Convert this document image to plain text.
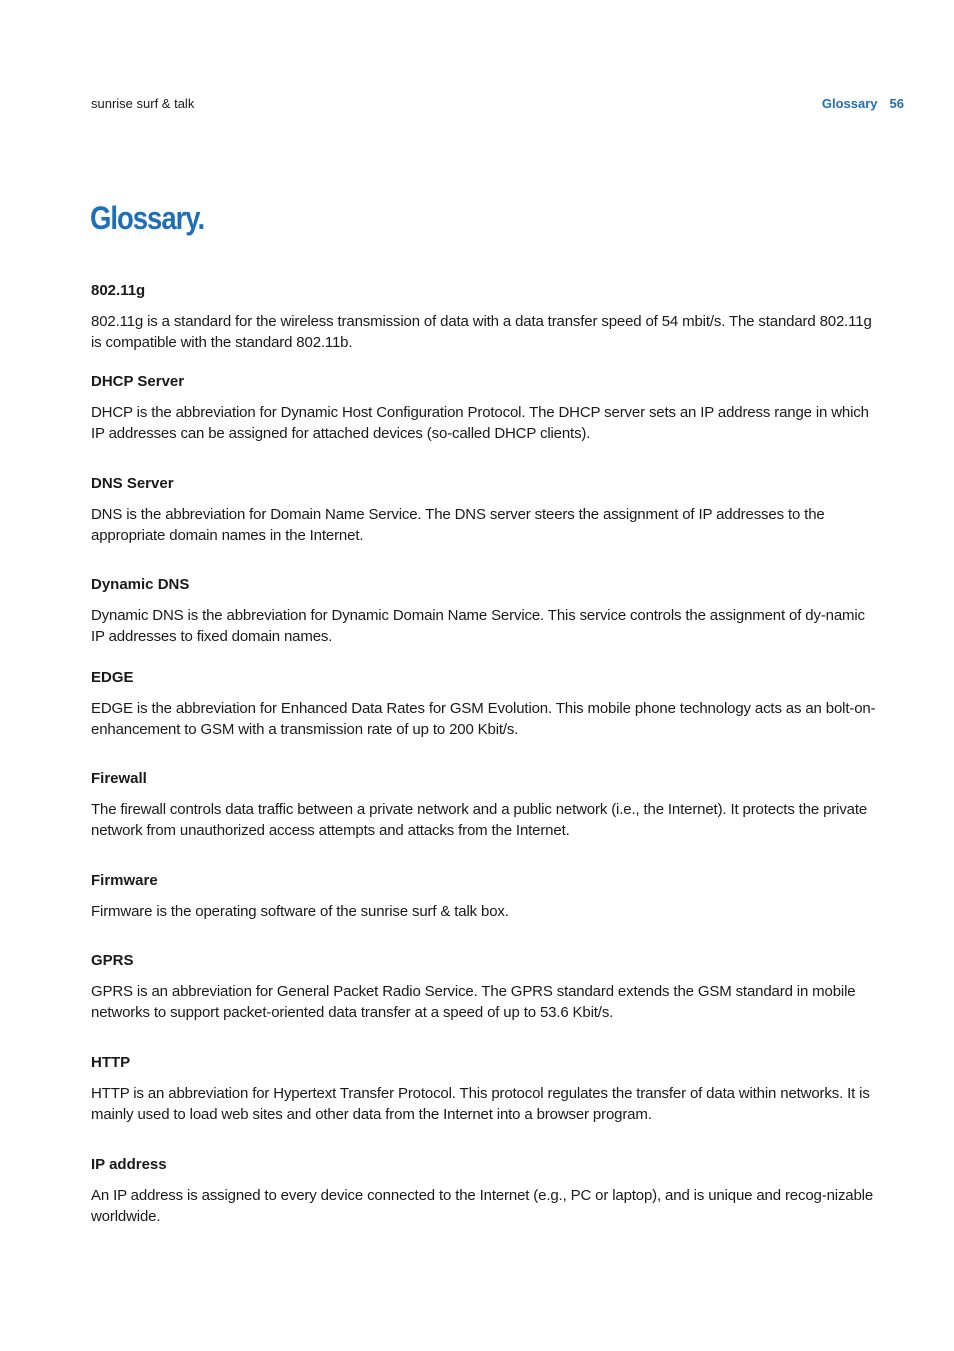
sunrise surf & talk	Glossary 56
Glossary.

802.11g

802.11g is a standard for the wireless transmission of data with a data transfer speed of 54 mbit/s. The standard 802.11g is compatible with the standard 802.11b.

DHCP Server

DHCP is the abbreviation for Dynamic Host Configuration Protocol. The DHCP server sets an IP address range in which IP addresses can be assigned for attached devices (so-called DHCP clients).

DNS Server

DNS is the abbreviation for Domain Name Service. The DNS server steers the assignment of IP addresses to the appropriate domain names in the Internet.

Dynamic DNS

Dynamic DNS is the abbreviation for Dynamic Domain Name Service. This service controls the assignment of dy-namic IP addresses to fixed domain names.

EDGE

EDGE is the abbreviation for Enhanced Data Rates for GSM Evolution. This mobile phone technology acts as an bolt-on-enhancement to GSM with a transmission rate of up to 200 Kbit/s.

Firewall

The firewall controls data traffic between a private network and a public network (i.e., the Internet). It protects the private network from unauthorized access attempts and attacks from the Internet.

Firmware

Firmware is the operating software of the sunrise surf & talk box.

GPRS

GPRS is an abbreviation for General Packet Radio Service. The GPRS standard extends the GSM standard in mobile networks to support packet-oriented data transfer at a speed of up to 53.6 Kbit/s.

HTTP

HTTP is an abbreviation for Hypertext Transfer Protocol. This protocol regulates the transfer of data within networks. It is mainly used to load web sites and other data from the Internet into a browser program.

IP address

An IP address is assigned to every device connected to the Internet (e.g., PC or laptop), and is unique and recog-nizable worldwide.
